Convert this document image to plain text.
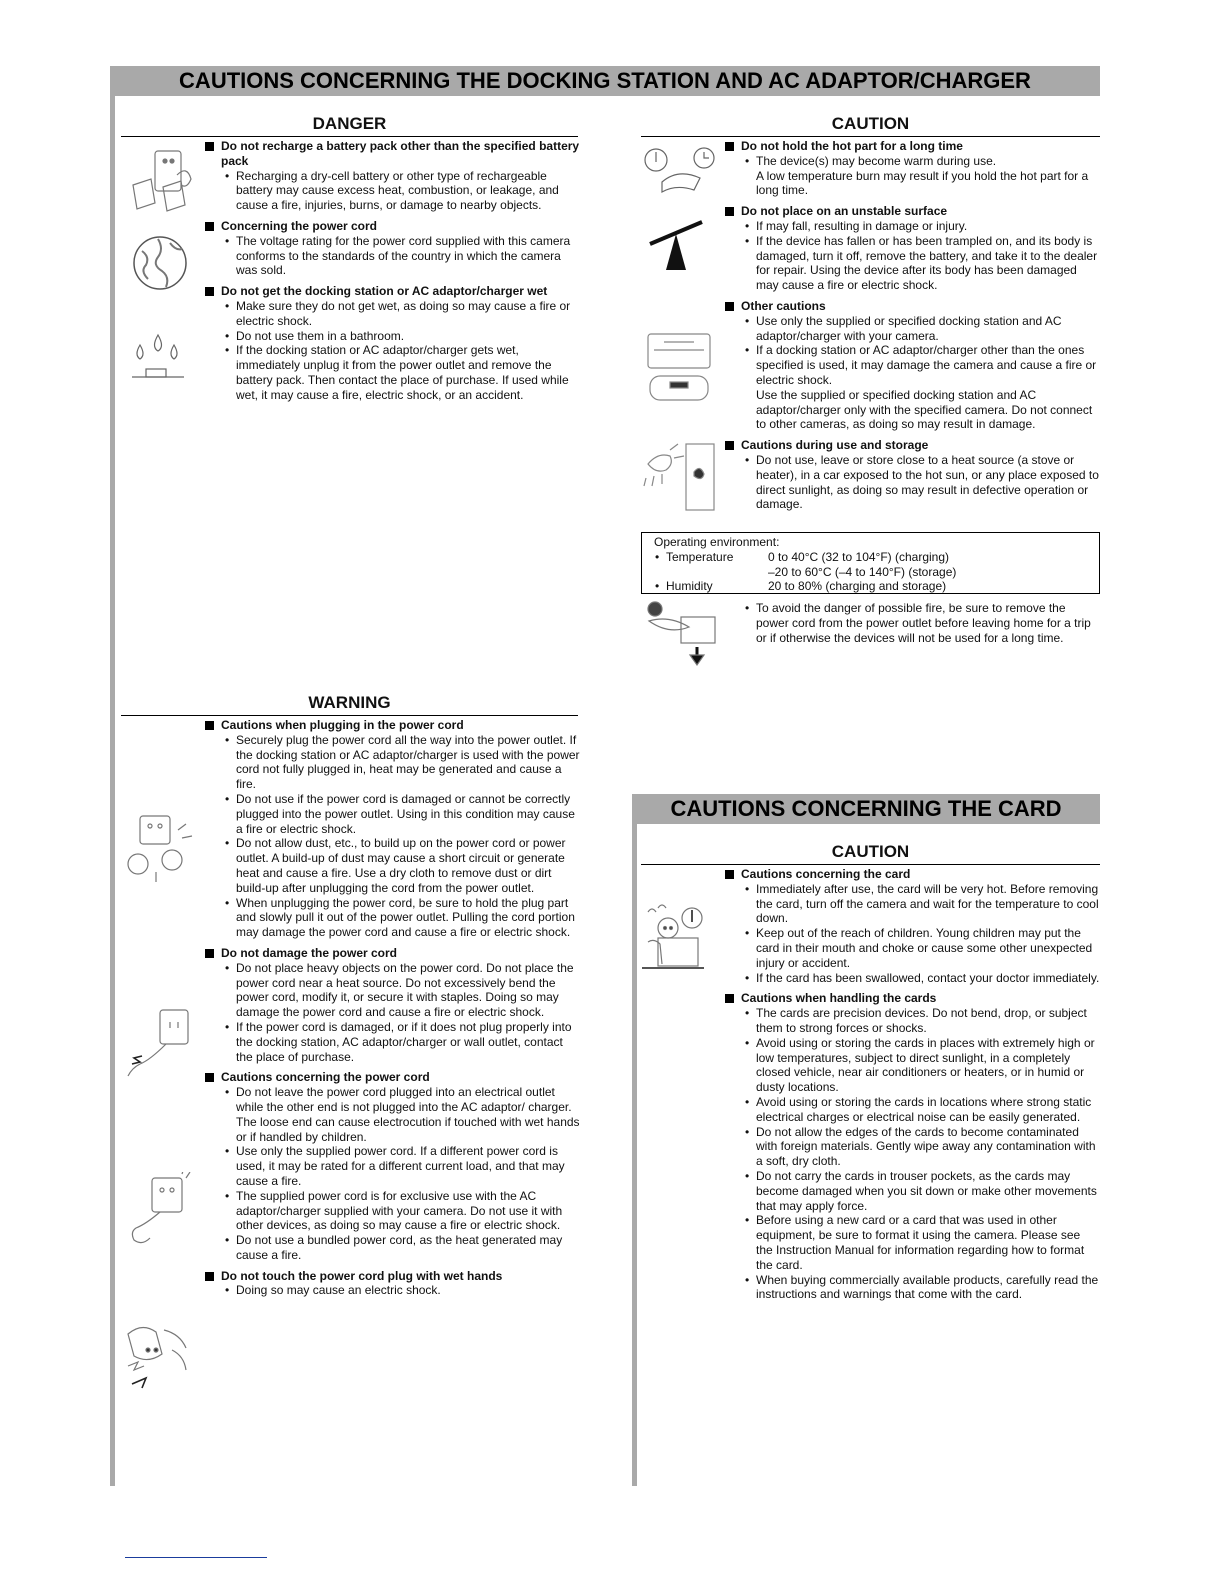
CAUTIONS CONCERNING THE DOCKING STATION AND AC ADAPTOR/CHARGER
CAUTIONS CONCERNING THE CARD
DANGER
Do not recharge a battery pack other than the specified battery pack
• Recharging a dry-cell battery or other type of rechargeable battery may cause excess heat, combustion, or leakage, and cause a fire, injuries, burns, or damage to nearby objects.
Concerning the power cord
• The voltage rating for the power cord supplied with this camera conforms to the standards of the country in which the camera was sold.
Do not get the docking station or AC adaptor/charger wet
• Make sure they do not get wet, as doing so may cause a fire or electric shock.
• Do not use them in a bathroom.
• If the docking station or AC adaptor/charger gets wet, immediately unplug it from the power outlet and remove the battery pack. Then contact the place of purchase. If used while wet, it may cause a fire, electric shock, or an accident.
CAUTION
Do not hold the hot part for a long time
• The device(s) may become warm during use.
A low temperature burn may result if you hold the hot part for a long time.
Do not place on an unstable surface
• If may fall, resulting in damage or injury.
• If the device has fallen or has been trampled on, and its body is damaged, turn it off, remove the battery, and take it to the dealer for repair. Using the device after its body has been damaged may cause a fire or electric shock.
Other cautions
• Use only the supplied or specified docking station and AC adaptor/charger with your camera.
• If a docking station or AC adaptor/charger other than the ones specified is used, it may damage the camera and cause a fire or electric shock.
Use the supplied or specified docking station and AC adaptor/charger only with the specified camera. Do not connect to other cameras, as doing so may result in damage.
Cautions during use and storage
• Do not use, leave or store close to a heat source (a stove or heater), in a car exposed to the hot sun, or any place exposed to direct sunlight, as doing so may result in defective operation or damage.
Operating environment:
• Temperature	0 to 40°C (32 to 104°F) (charging)
–20 to 60°C (–4 to 140°F) (storage)
• Humidity	20 to 80% (charging and storage)
• To avoid the danger of possible fire, be sure to remove the power cord from the power outlet before leaving home for a trip or if otherwise the devices will not be used for a long time.
WARNING
Cautions when plugging in the power cord
• Securely plug the power cord all the way into the power outlet. If the docking station or AC adaptor/charger is used with the power cord not fully plugged in, heat may be generated and cause a fire.
• Do not use if the power cord is damaged or cannot be correctly plugged into the power outlet. Using in this condition may cause a fire or electric shock.
• Do not allow dust, etc., to build up on the power cord or power outlet. A build-up of dust may cause a short circuit or generate heat and cause a fire. Use a dry cloth to remove dust or dirt build-up after unplugging the cord from the power outlet.
• When unplugging the power cord, be sure to hold the plug part and slowly pull it out of the power outlet. Pulling the cord portion may damage the power cord and cause a fire or electric shock.
Do not damage the power cord
• Do not place heavy objects on the power cord. Do not place the power cord near a heat source. Do not excessively bend the power cord, modify it, or secure it with staples. Doing so may damage the power cord and cause a fire or electric shock.
• If the power cord is damaged, or if it does not plug properly into the docking station, AC adaptor/charger or wall outlet, contact the place of purchase.
Cautions concerning the power cord
• Do not leave the power cord plugged into an electrical outlet while the other end is not plugged into the AC adaptor/ charger. The loose end can cause electrocution if touched with wet hands or if handled by children.
• Use only the supplied power cord. If a different power cord is used, it may be rated for a different current load, and that may cause a fire.
• The supplied power cord is for exclusive use with the AC adaptor/charger supplied with your camera. Do not use it with other devices, as doing so may cause a fire or electric shock.
• Do not use a bundled power cord, as the heat generated may cause a fire.
Do not touch the power cord plug with wet hands
• Doing so may cause an electric shock.
CAUTION
Cautions concerning the card
• Immediately after use, the card will be very hot. Before removing the card, turn off the camera and wait for the temperature to cool down.
• Keep out of the reach of children. Young children may put the card in their mouth and choke or cause some other unexpected injury or accident.
• If the card has been swallowed, contact your doctor immediately.
Cautions when handling the cards
• The cards are precision devices. Do not bend, drop, or subject them to strong forces or shocks.
• Avoid using or storing the cards in places with extremely high or low temperatures, subject to direct sunlight, in a completely closed vehicle, near air conditioners or heaters, or in humid or dusty locations.
• Avoid using or storing the cards in locations where strong static electrical charges or electrical noise can be easily generated.
• Do not allow the edges of the cards to become contaminated with foreign materials. Gently wipe away any contamination with a soft, dry cloth.
• Do not carry the cards in trouser pockets, as the cards may become damaged when you sit down or make other movements that may apply force.
• Before using a new card or a card that was used in other equipment, be sure to format it using the camera. Please see the Instruction Manual for information regarding how to format the card.
• When buying commercially available products, carefully read the instructions and warnings that come with the card.
